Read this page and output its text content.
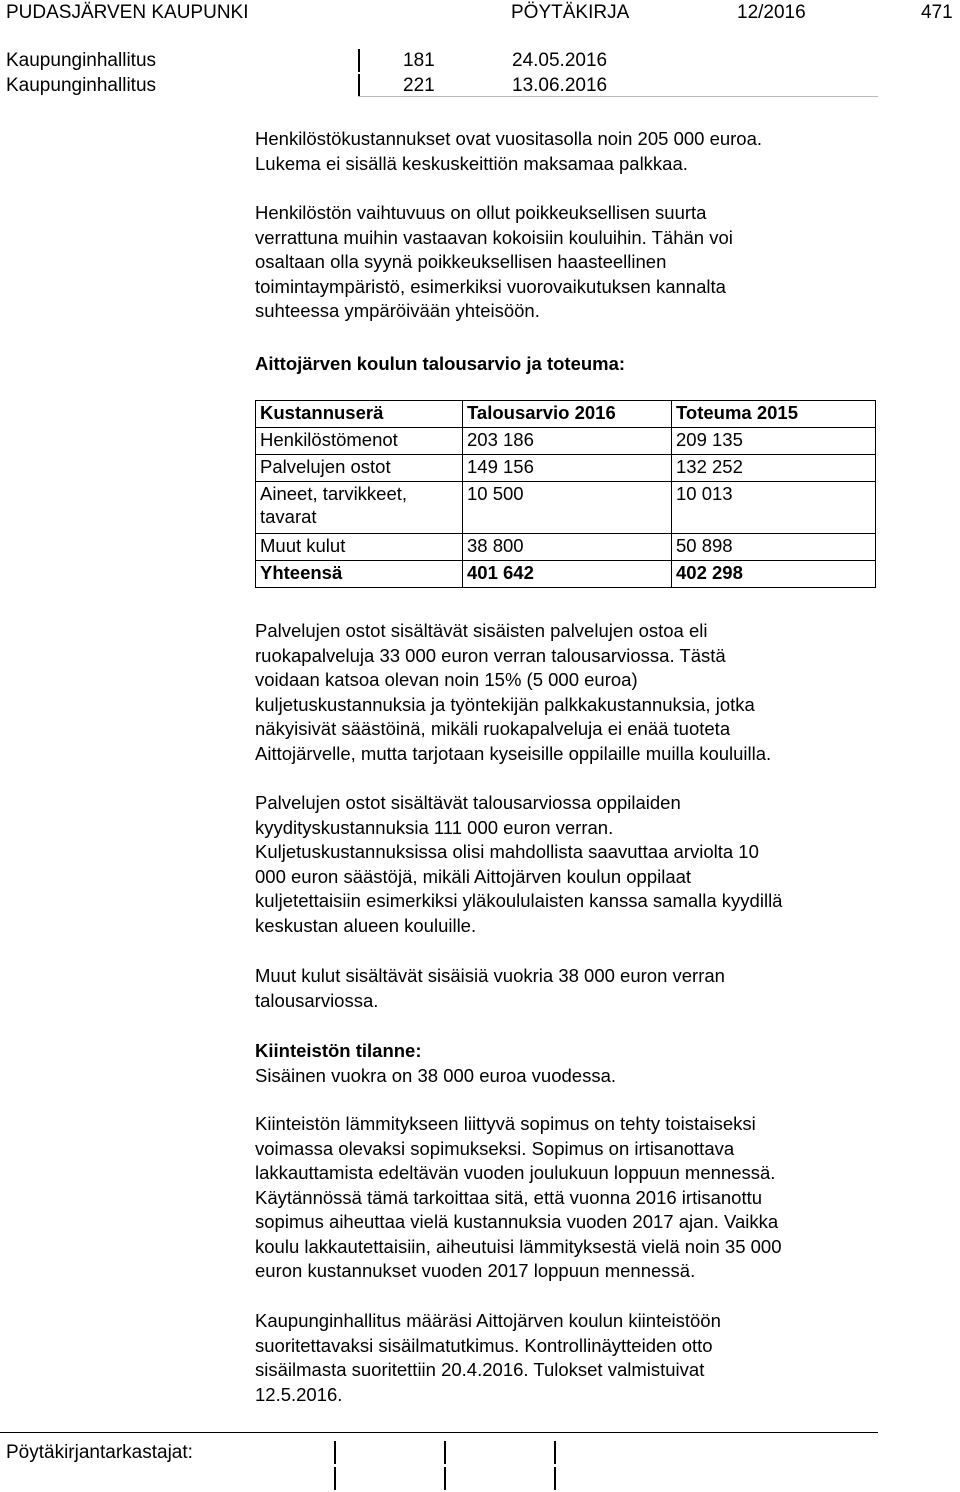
PUDASJÄRVEN KAUPUNKI	PÖYTÄKIRJA	12/2016	471
Kaupunginhallitus	181	24.05.2016
Kaupunginhallitus	221	13.06.2016

Henkilöstökustannukset ovat vuositasolla noin 205 000 euroa.

Lukema ei sisällä keskuskeittiön maksamaa palkkaa.

Henkilöstön vaihtuvuus on ollut poikkeuksellisen suurta

verrattuna muihin vastaavan kokoisiin kouluihin. Tähän voi

osaltaan olla syynä poikkeuksellisen haasteellinen

toimintaympäristö, esimerkiksi vuorovaikutuksen kannalta

suhteessa ympäröivään yhteisöön.

Aittojärven koulun talousarvio ja toteuma:

Kustannuserä	Talousarvio 2016	Toteuma 2015
Henkilöstömenot	203 186	209 135
Palvelujen ostot	149 156	132 252
Aineet, tarvikkeet, tavarat	10 500	10 013
Muut kulut	38 800	50 898
Yhteensä	401 642	402 298

Palvelujen ostot sisältävät sisäisten palvelujen ostoa eli

ruokapalveluja 33 000 euron verran talousarviossa. Tästä

voidaan katsoa olevan noin 15% (5 000 euroa)

kuljetuskustannuksia ja työntekijän palkkakustannuksia, jotka

näkyisivät säästöinä, mikäli ruokapalveluja ei enää tuoteta

Aittojärvelle, mutta tarjotaan kyseisille oppilaille muilla kouluilla.

Palvelujen ostot sisältävät talousarviossa oppilaiden

kyydityskustannuksia 111 000 euron verran.

Kuljetuskustannuksissa olisi mahdollista saavuttaa arviolta 10

000 euron säästöjä, mikäli Aittojärven koulun oppilaat

kuljetettaisiin esimerkiksi yläkoululaisten kanssa samalla kyydillä

keskustan alueen kouluille.

Muut kulut sisältävät sisäisiä vuokria 38 000 euron verran

talousarviossa.

Kiinteistön tilanne:

Sisäinen vuokra on 38 000 euroa vuodessa.

Kiinteistön lämmitykseen liittyvä sopimus on tehty toistaiseksi

voimassa olevaksi sopimukseksi. Sopimus on irtisanottava

lakkauttamista edeltävän vuoden joulukuun loppuun mennessä.

Käytännössä tämä tarkoittaa sitä, että vuonna 2016 irtisanottu

sopimus aiheuttaa vielä kustannuksia vuoden 2017 ajan. Vaikka

koulu lakkautettaisiin, aiheutuisi lämmityksestä vielä noin 35 000

euron kustannukset vuoden 2017 loppuun mennessä.

Kaupunginhallitus määräsi Aittojärven koulun kiinteistöön

suoritettavaksi sisäilmatutkimus. Kontrollinäytteiden otto

sisäilmasta suoritettiin 20.4.2016. Tulokset valmistuivat

12.5.2016.

Pöytäkirjantarkastajat:
